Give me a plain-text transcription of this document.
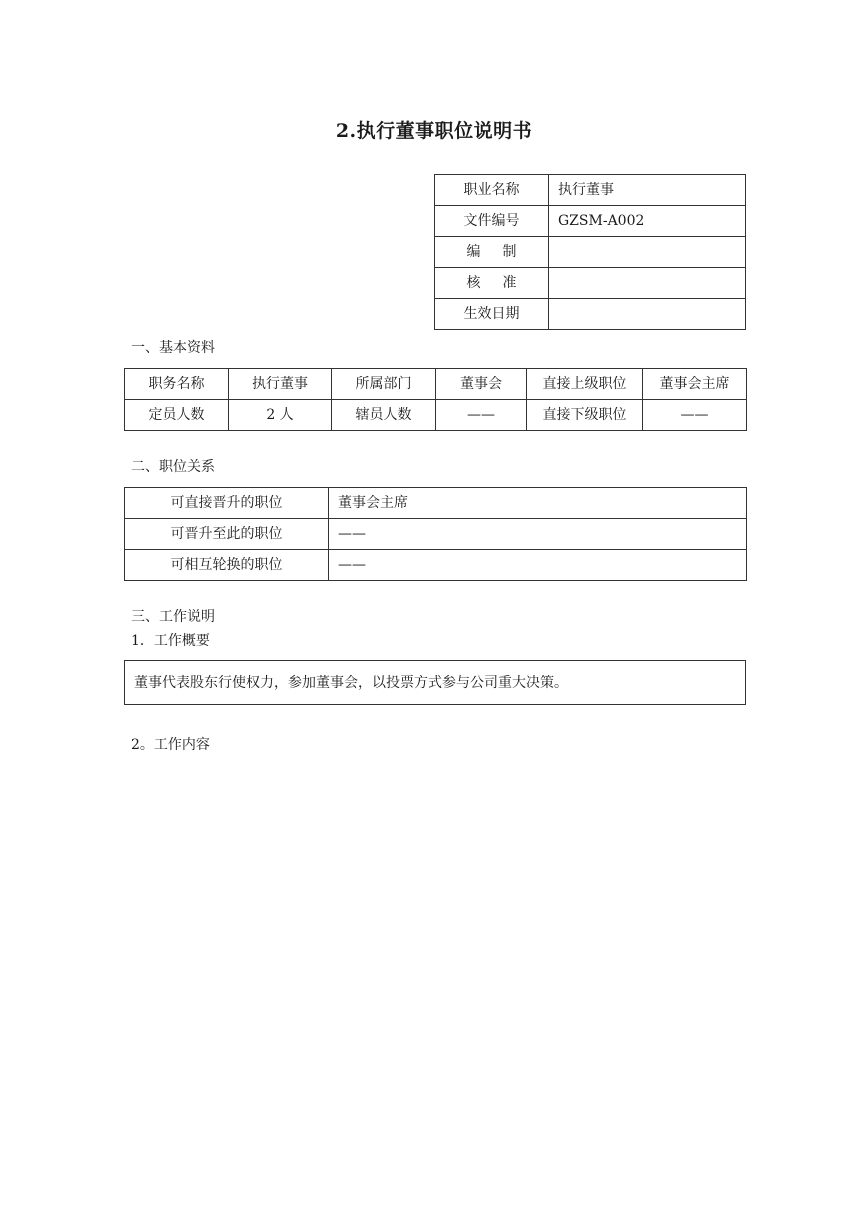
2.执行董事职位说明书
职业名称	执行董事
文件编号	GZSM-A002
编制	
核准	
生效日期	
一、基本资料
职务名称	执行董事	所属部门	董事会	直接上级职位	董事会主席
定员人数	2 人	辖员人数	——	直接下级职位	——
二、职位关系
可直接晋升的职位	董事会主席
可晋升至此的职位	——
可相互轮换的职位	——
三、工作说明
1．工作概要
董事代表股东行使权力，参加董事会，以投票方式参与公司重大决策。
2。工作内容
